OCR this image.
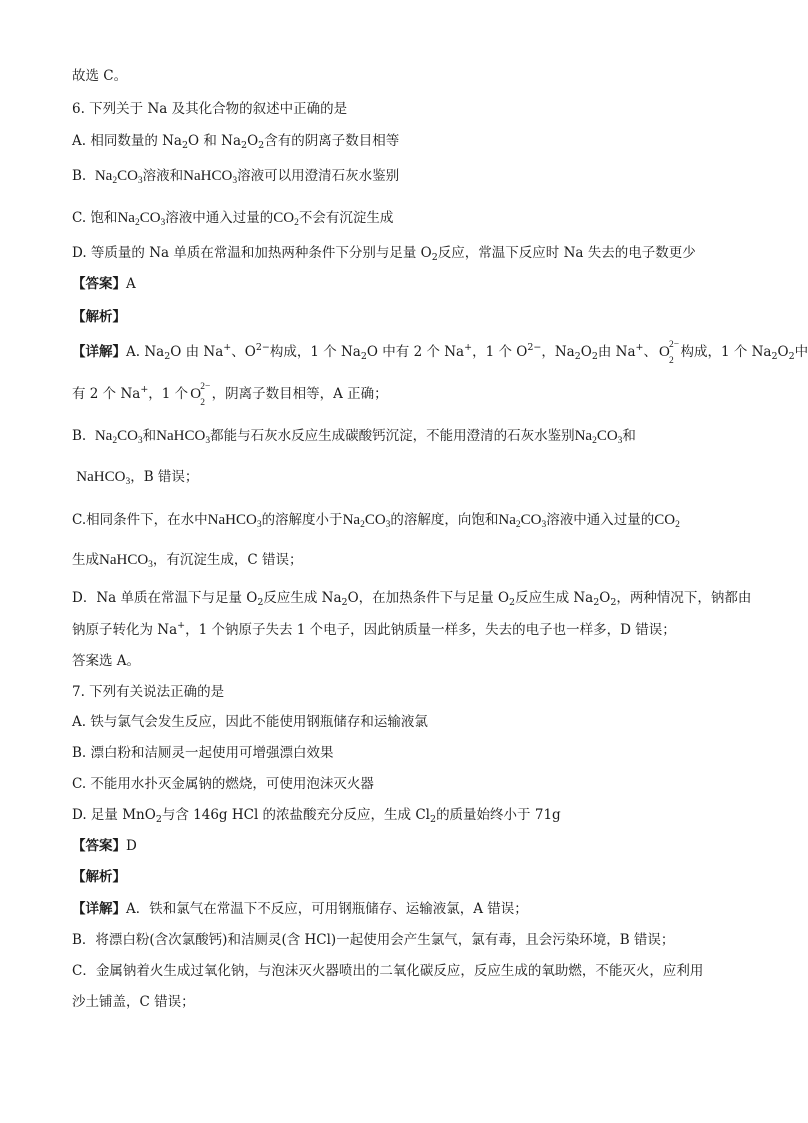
故选 C。
6. 下列关于 Na 及其化合物的叙述中正确的是
A. 相同数量的 $Na_2O$ 和 $Na_2O_2$含有的阴离子数目相等
B. $Na_2CO_3$溶液和NaHCO$_3$溶液可以用澄清石灰水鉴别
C. 饱和$Na_2CO_3$溶液中通入过量的$CO_2$不会有沉淀生成
D. 等质量的 Na 单质在常温和加热两种条件下分别与足量 $O_2$反应，常温下反应时 Na 失去的电子数更少
【答案】A
【解析】
【详解】A. $Na_2O$ 由 Na+、$O^{2-}$构成，1 个 $Na_2O$ 中有 2 个 Na+，1 个 $O^{2-}$，$Na_2O_2$由 Na+、 O 2−
2
构成，1 个 $Na_2O_2$中
有 2 个 Na+，1 个 O 2−
2
，阴离子数目相等，A 正确；
B. $Na_2CO_3$和NaHCO$_3$都能与石灰水反应生成碳酸钙沉淀，不能用澄清的石灰水鉴别$Na_2CO_3$和
NaHCO$_3$，B 错误；
C.相同条件下，在水中NaHCO$_3$的溶解度小于$Na_2CO_3$的溶解度，向饱和$Na_2CO_3$溶液中通入过量的$CO_2$
生成NaHCO$_3$，有沉淀生成，C 错误；
D．Na 单质在常温下与足量 $O_2$反应生成 $Na_2O$，在加热条件下与足量 $O_2$反应生成 $Na_2O_2$，两种情况下，钠都由
钠原子转化为 Na+，1 个钠原子失去 1 个电子，因此钠质量一样多，失去的电子也一样多，D 错误；
答案选 A。
7. 下列有关说法正确的是
A. 铁与氯气会发生反应，因此不能使用钢瓶储存和运输液氯
B. 漂白粉和洁厕灵一起使用可增强漂白效果
C. 不能用水扑灭金属钠的燃烧，可使用泡沫灭火器
D. 足量 MnO$_2$与含 146g HCl 的浓盐酸充分反应，生成 $Cl_2$的质量始终小于 71g
【答案】D
【解析】
【详解】A．铁和氯气在常温下不反应，可用钢瓶储存、运输液氯，A 错误；
B．将漂白粉(含次氯酸钙)和洁厕灵(含 HCl)一起使用会产生氯气，氯有毒，且会污染环境，B 错误；
C．金属钠着火生成过氧化钠，与泡沫灭火器喷出的二氧化碳反应，反应生成的氧助燃，不能灭火，应利用
沙土铺盖，C 错误；
